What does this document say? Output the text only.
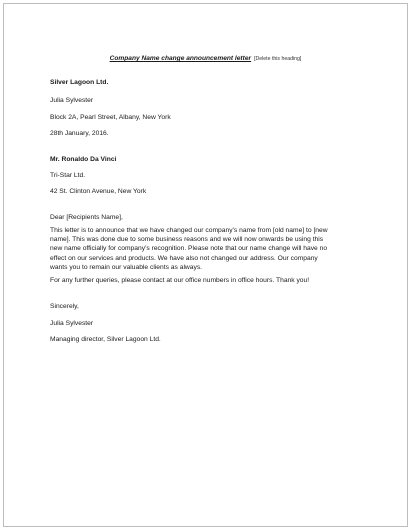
Company Name change announcement letter [Delete this heading]
Silver Lagoon Ltd.
Julia Sylvester
Block 2A, Pearl Street, Albany, New York
28th January, 2016.
Mr. Ronaldo Da Vinci
Tri-Star Ltd.
42 St. Clinton Avenue, New York
Dear [Recipients Name],
This letter is to announce that we have changed our company’s name from [old name] to [new
name]. This was done due to some business reasons and we will now onwards be using this
new name officially for company’s recognition. Please note that our name change will have no
effect on our services and products. We have also not changed our address. Our company
wants you to remain our valuable clients as always.
For any further queries, please contact at our office numbers in office hours. Thank you!
Sincerely,
Julia Sylvester
Managing director, Silver Lagoon Ltd.
